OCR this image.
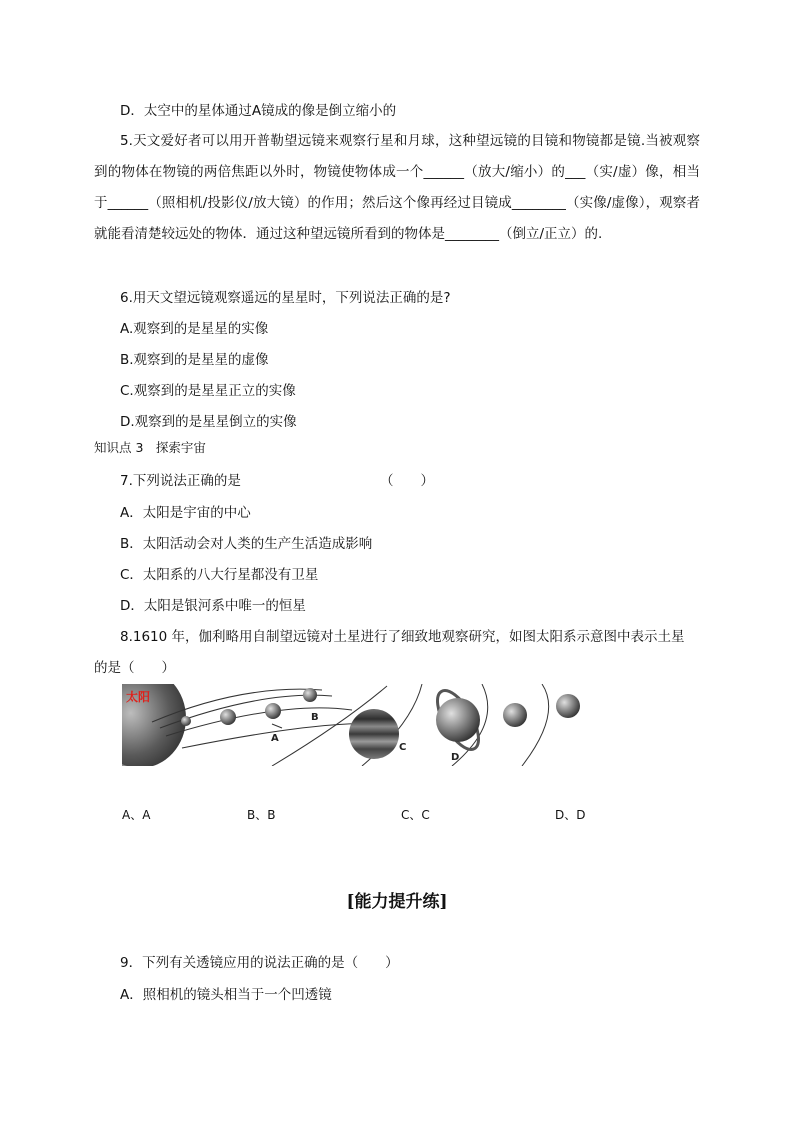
D．太空中的星体通过A镜成的像是倒立缩小的
5.天文爱好者可以用开普勒望远镜来观察行星和月球，这种望远镜的目镜和物镜都是镜.当被观察到的物体在物镜的两倍焦距以外时，物镜使物体成一个______（放大/缩小）的___（实/虚）像，相当于______（照相机/投影仪/放大镜）的作用；然后这个像再经过目镜成________（实像/虚像），观察者就能看清楚较远处的物体．通过这种望远镜所看到的物体是________（倒立/正立）的.
6.用天文望远镜观察遥远的星星时，下列说法正确的是?
A.观察到的是星星的实像
B.观察到的是星星的虚像
C.观察到的是星星正立的实像
D.观察到的是星星倒立的实像
知识点 3　探索宇宙
7.下列说法正确的是	（　　）
A．太阳是宇宙的中心
B．太阳活动会对人类的生产生活造成影响
C．太阳系的八大行星都没有卫星
D．太阳是银河系中唯一的恒星
8.1610 年，伽利略用自制望远镜对土星进行了细致地观察研究，如图太阳系示意图中表示土星
的是（　　）
太阳
A
B
C
D
A、A	B、B	C、C	D、D
[能力提升练]
9．下列有关透镜应用的说法正确的是（　　）
A．照相机的镜头相当于一个凹透镜
